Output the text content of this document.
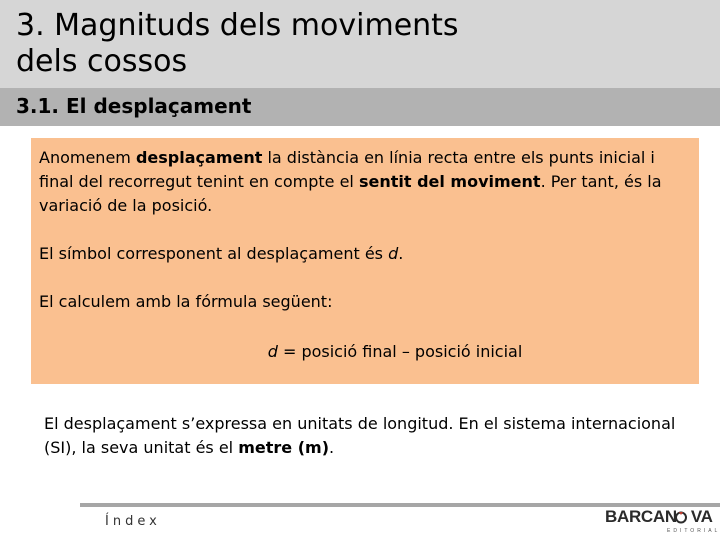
3. Magnituds dels moviments
dels cossos
3.1. El desplaçament

Anomenem desplaçament la distància en línia recta entre els punts inicial i final del recorregut tenint en compte el sentit del moviment. Per tant, és la variació de la posició.

El símbol corresponent al desplaçament és d.

El calculem amb la fórmula següent:

d = posició final – posició inicial

El desplaçament s’expressa en unitats de longitud. En el sistema internacional (SI), la seva unitat és el metre (m).

Índex	BARCAN VA
EDITORIAL
